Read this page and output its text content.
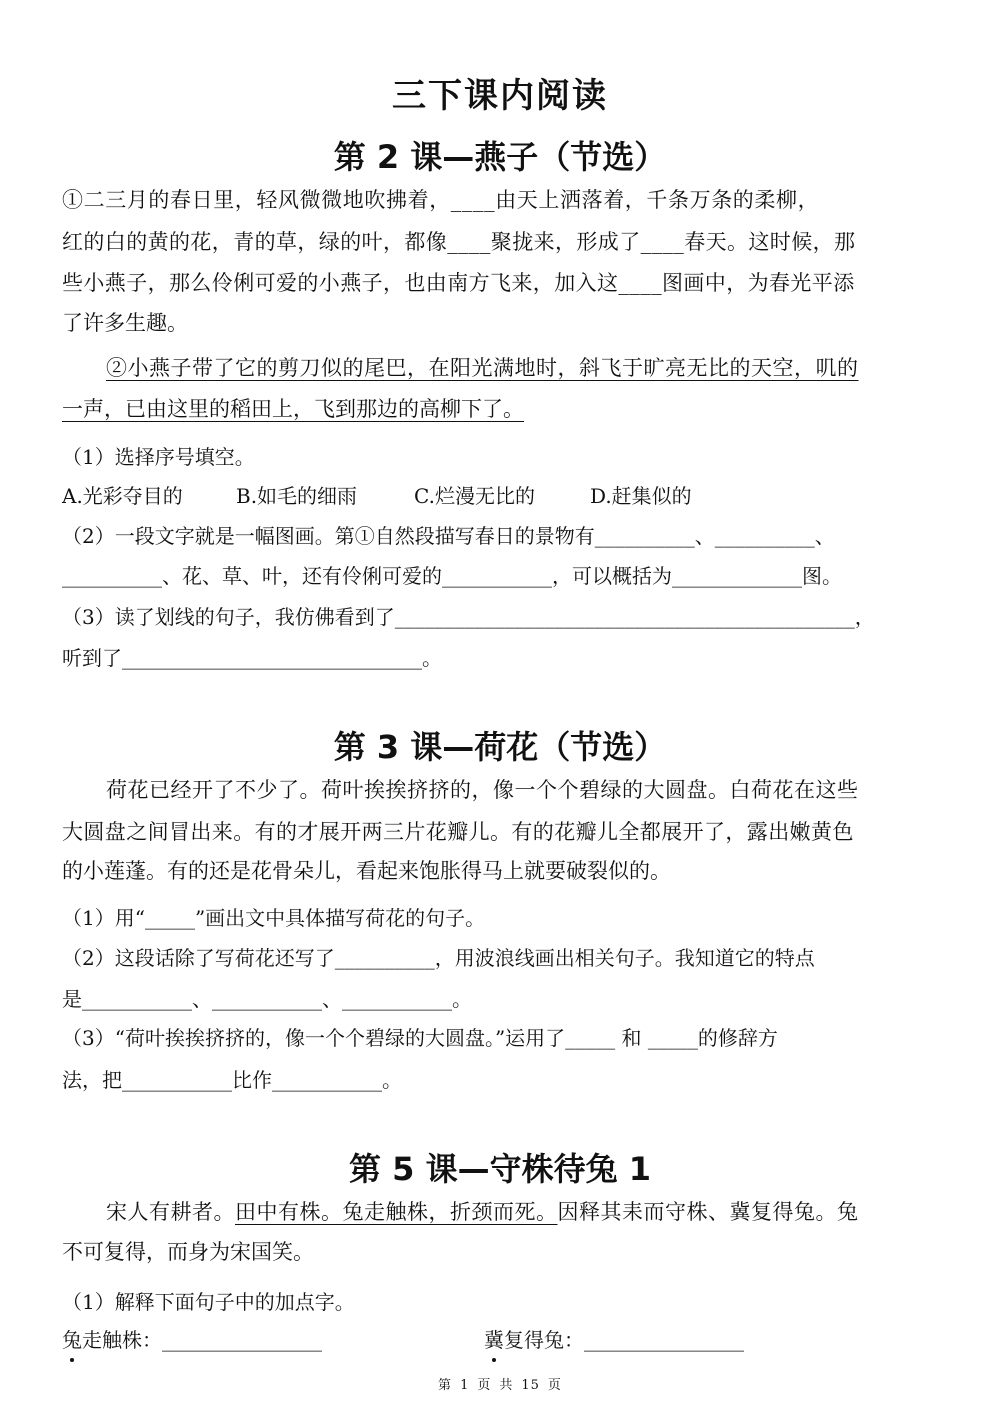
三下课内阅读
第 2 课—燕子（节选）
①二三月的春日里，轻风微微地吹拂着，____由天上洒落着，千条万条的柔柳，
红的白的黄的花，青的草，绿的叶，都像____聚拢来，形成了____春天。这时候，那
些小燕子，那么伶俐可爱的小燕子，也由南方飞来，加入这____图画中，为春光平添
了许多生趣。
②小燕子带了它的剪刀似的尾巴，在阳光满地时，斜飞于旷亮无比的天空，叽的
一声，已由这里的稻田上，飞到那边的高柳下了。
（1）选择序号填空。
A.光彩夺目的	B.如毛的细雨	C.烂漫无比的	D.赶集似的
（2）一段文字就是一幅图画。第①自然段描写春日的景物有__________、__________、
__________、花、草、叶，还有伶俐可爱的___________，可以概括为_____________图。
（3）读了划线的句子，我仿佛看到了______________________________________________，
听到了______________________________。
第 3 课—荷花（节选）
荷花已经开了不少了。荷叶挨挨挤挤的，像一个个碧绿的大圆盘。白荷花在这些
大圆盘之间冒出来。有的才展开两三片花瓣儿。有的花瓣儿全都展开了，露出嫩黄色
的小莲蓬。有的还是花骨朵儿，看起来饱胀得马上就要破裂似的。
（1）用“_____”画出文中具体描写荷花的句子。
（2）这段话除了写荷花还写了__________，用波浪线画出相关句子。我知道它的特点
是___________、___________、___________。
（3）“荷叶挨挨挤挤的，像一个个碧绿的大圆盘。”运用了_____ 和 _____的修辞方
法，把___________比作___________。
第 5 课—守株待兔 1
宋人有耕者。田中有株。兔走触株，折颈而死。因释其耒而守株、冀复得兔。兔
不可复得，而身为宋国笑。
（1）解释下面句子中的加点字。
兔走触株：________________	冀复得兔：________________
第 1 页 共 15 页
